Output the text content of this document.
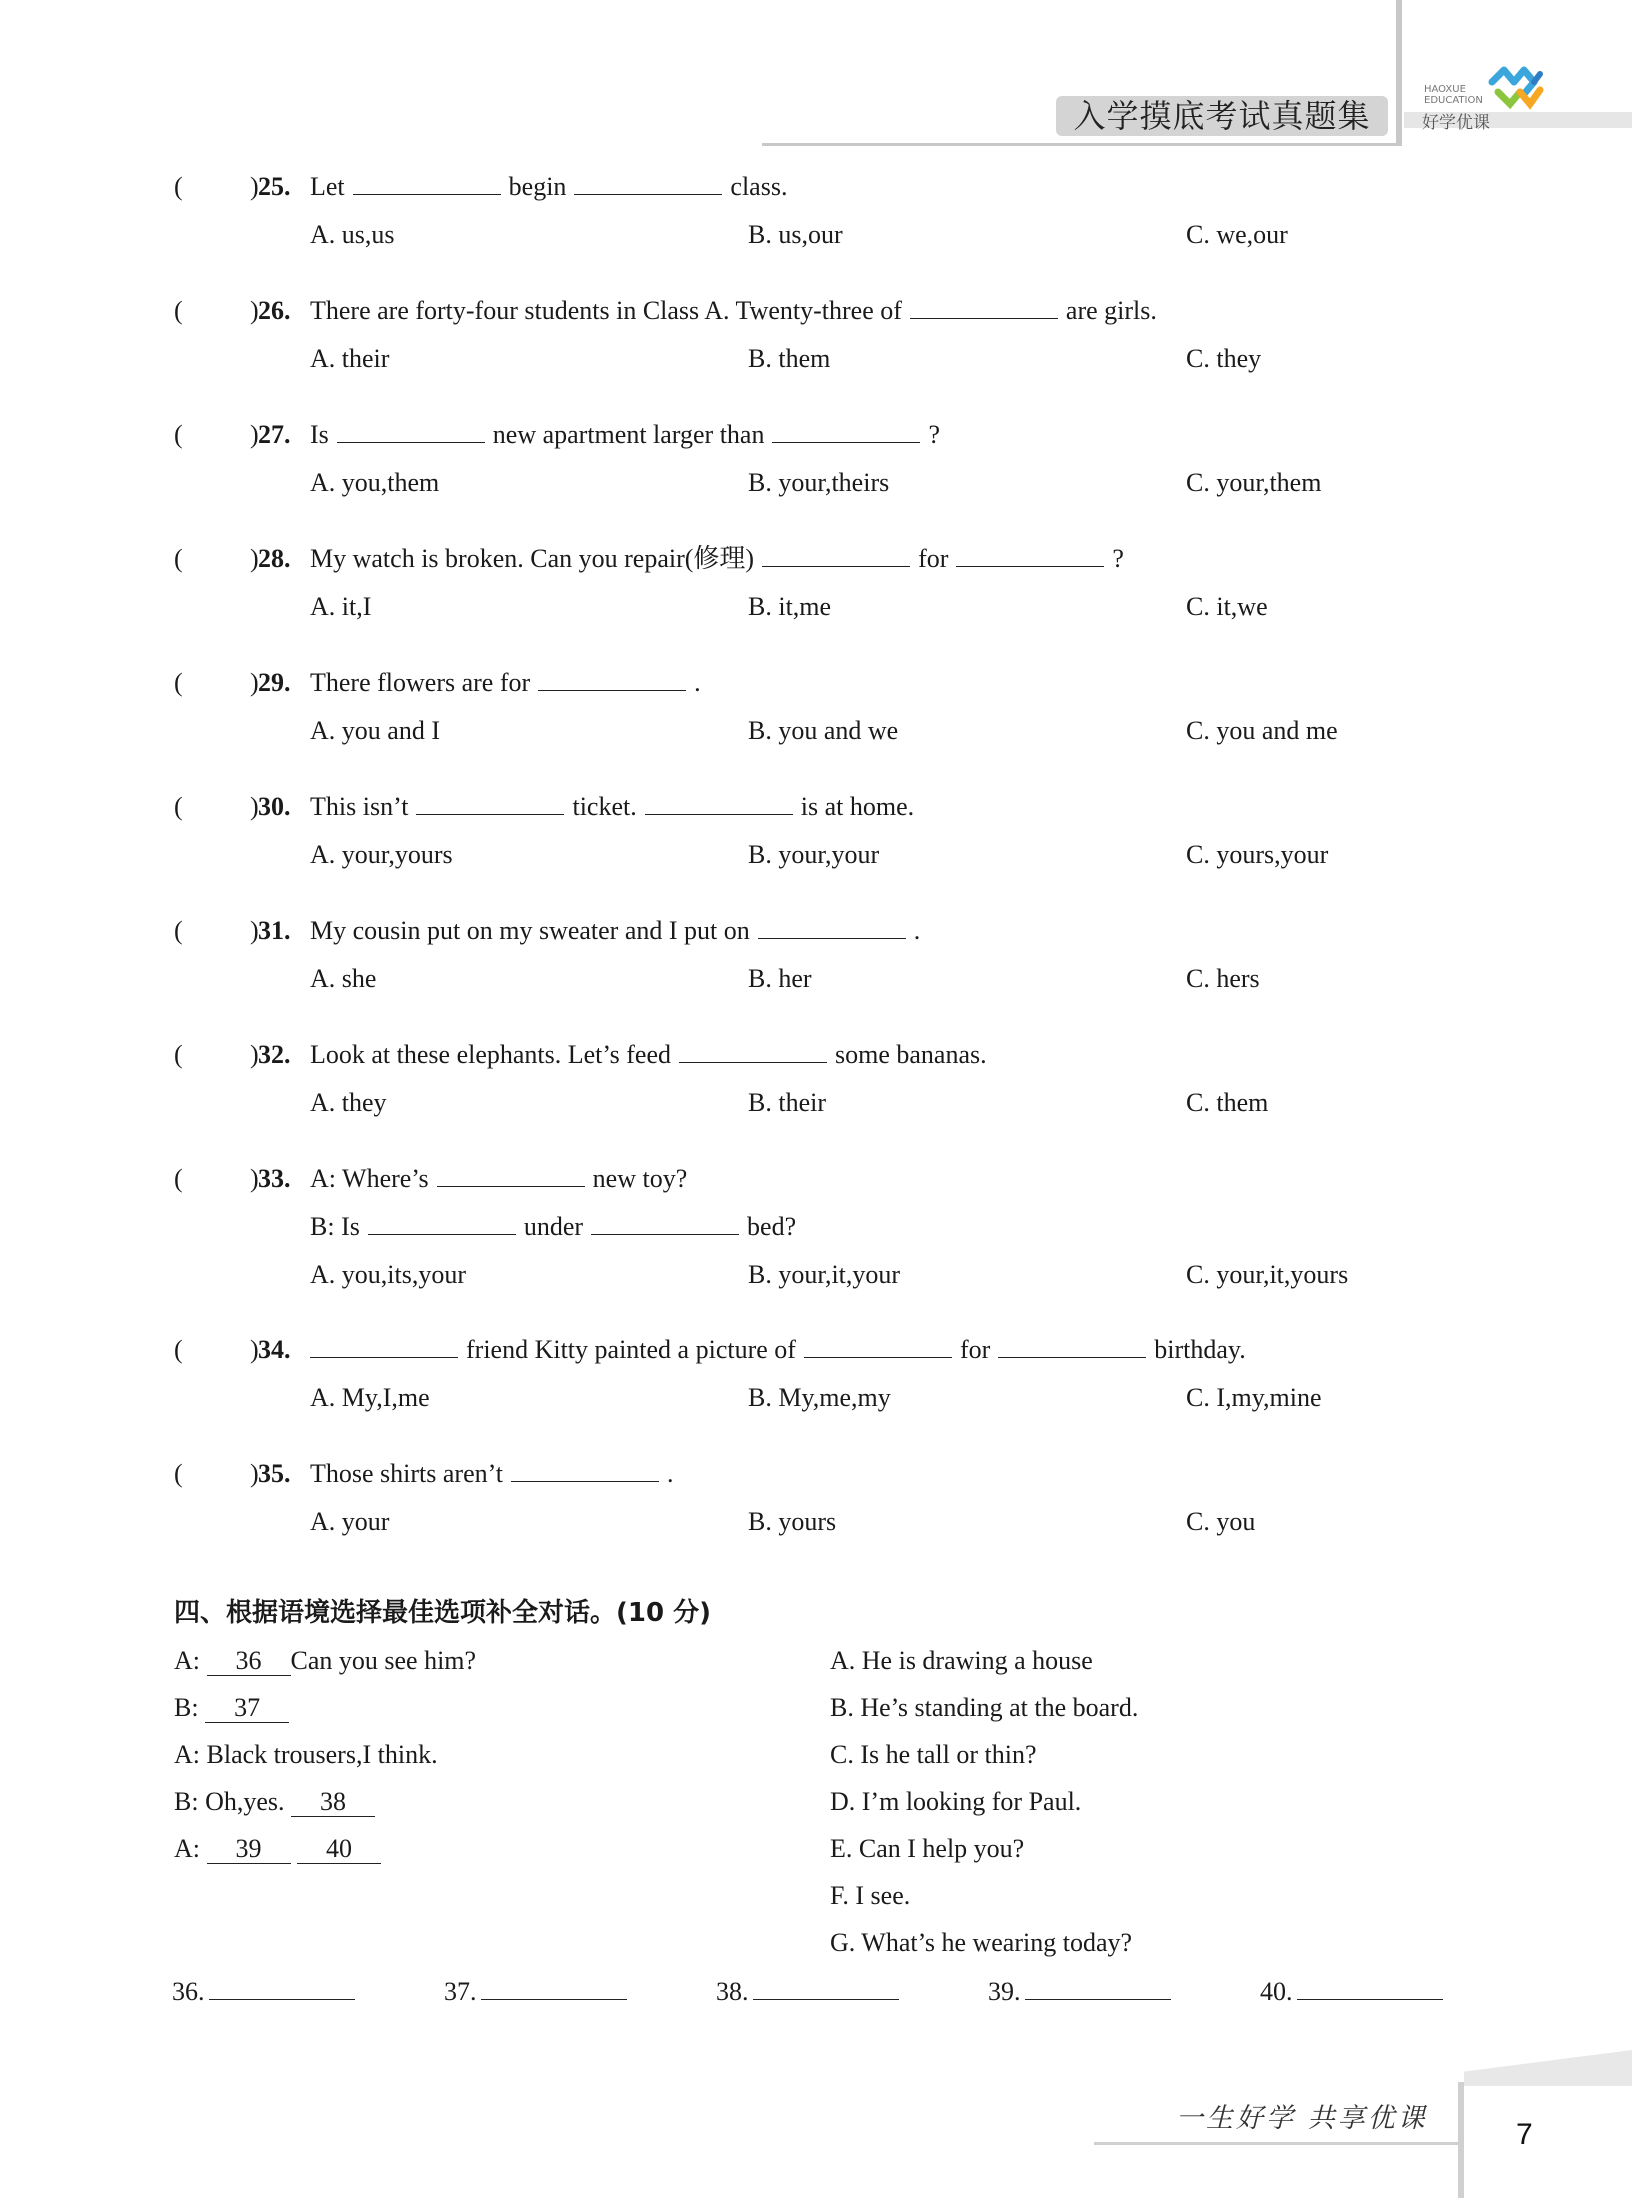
入学摸底考试真题集
HAOXUE
EDUCATION
好学优课
(	) 25. Let	begin	class.
A. us,us	B. us,our	C. we,our
(	) 26. There are forty-four students in Class A. Twenty-three of	are girls.
A. their	B. them	C. they
(	) 27. Is	new apartment larger than	?
A. you,them	B. your,theirs	C. your,them
(	) 28. My watch is broken. Can you repair(修理)	for	?
A. it,I	B. it,me	C. it,we
(	) 29. There flowers are for	.
A. you and I	B. you and we	C. you and me
(	) 30. This isn’t	ticket.	is at home.
A. your,yours	B. your,your	C. yours,your
(	) 31. My cousin put on my sweater and I put on	.
A. she	B. her	C. hers
(	) 32. Look at these elephants. Let’s feed	some bananas.
A. they	B. their	C. them
(	) 33. A: Where’s	new toy?
B: Is	under	bed?
A. you,its,your	B. your,it,your	C. your,it,yours
(	) 34.	friend Kitty painted a picture of	for	birthday.
A. My,I,me	B. My,me,my	C. I,my,mine
(	) 35. Those shirts aren’t	.
A. your	B. yours	C. you
四、根据语境选择最佳选项补全对话。(10 分)
A: 36 Can you see him?
B: 37
A: Black trousers,I think.
B: Oh,yes. 38
A: 39 40
A. He is drawing a house
B. He’s standing at the board.
C. Is he tall or thin?
D. I’m looking for Paul.
E. Can I help you?
F. I see.
G. What’s he wearing today?
36.	37.	38.	39.	40.
一生好学 共享优课	7
